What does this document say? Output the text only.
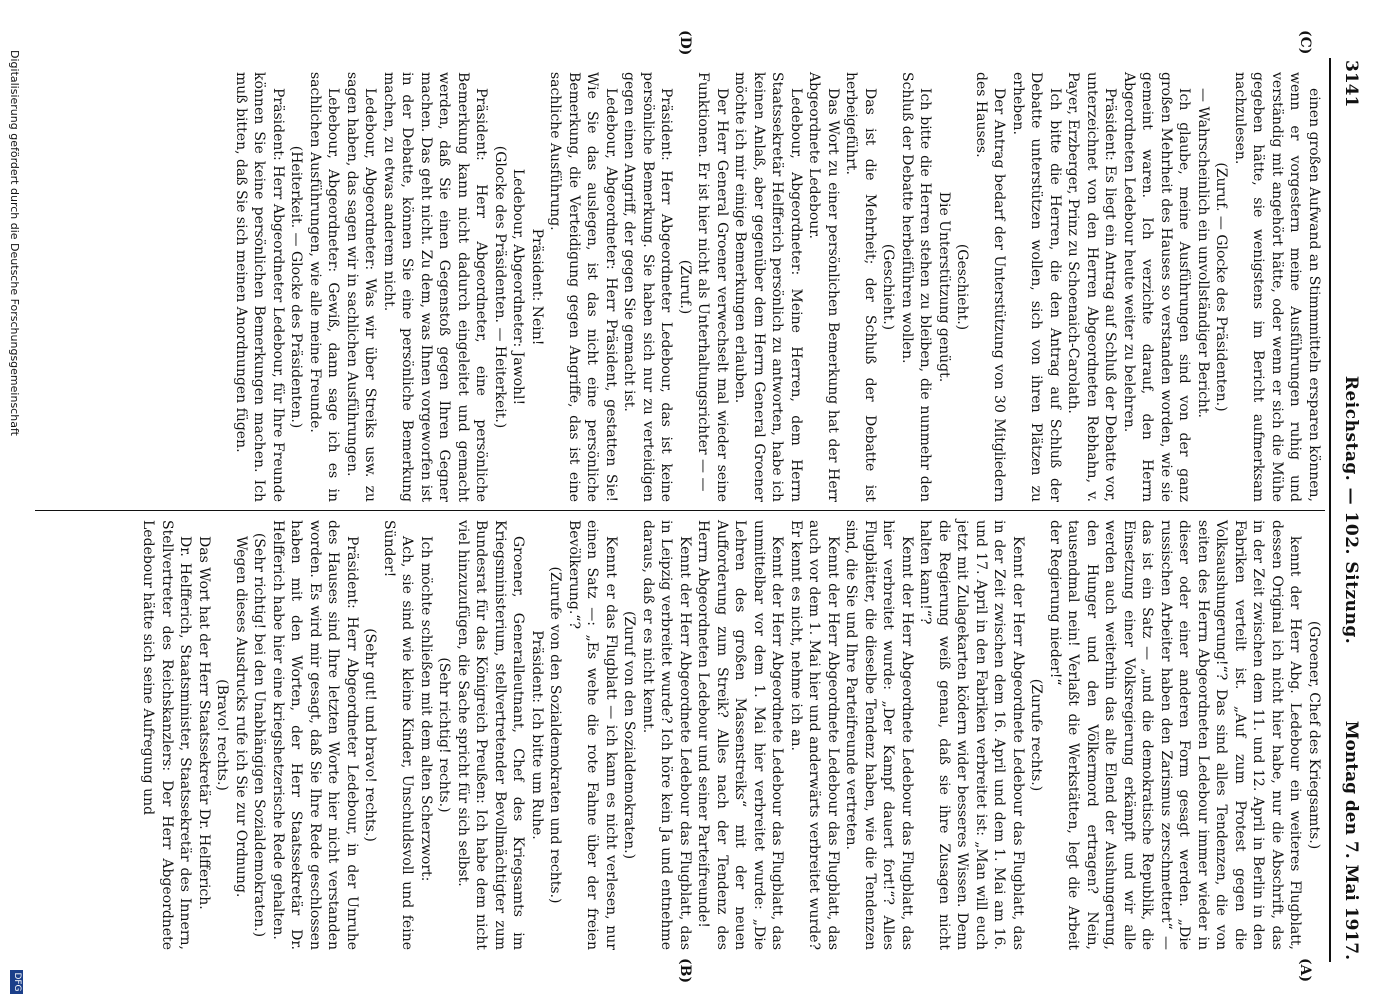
3141
Reichstag. — 102. Sitzung.
Montag den 7. Mai 1917.
(C)
(D)
(A)
(B)

einen großen Aufwand an Stimmmitteln ersparen können, wenn er vorgestern meine Ausführungen ruhig und verständig mit angehört hätte, oder wenn er sich die Mühe gegeben hätte, sie wenigstens im Bericht aufmerksam nachzulesen.

(Zuruf. — Glocke des Präsidenten.)

— Wahrscheinlich ein unvollständiger Bericht.

Ich glaube, meine Ausführungen sind von der ganz großen Mehrheit des Hauses so verstanden worden, wie sie gemeint waren. Ich verzichte darauf, den Herrn Abgeordneten Ledebour heute weiter zu belehren.

Präsident: Es liegt ein Antrag auf Schluß der Debatte vor, unterzeichnet von den Herren Abgeordneten Rebhahn, v. Payer, Erzberger, Prinz zu Schoenaich-Carolath.

Ich bitte die Herren, die den Antrag auf Schluß der Debatte unterstützen wollen, sich von ihren Plätzen zu erheben.

Der Antrag bedarf der Unterstützung von 30 Mitgliedern des Hauses.

(Geschieht.)

Die Unterstützung genügt.

Ich bitte die Herren stehen zu bleiben, die nunmehr den Schluß der Debatte herbeiführen wollen.

(Geschieht.)

Das ist die Mehrheit; der Schluß der Debatte ist herbeigeführt.

Das Wort zu einer persönlichen Bemerkung hat der Herr Abgeordnete Ledebour.

Ledebour, Abgeordneter: Meine Herren, dem Herrn Staatssekretär Helfferich persönlich zu antworten, habe ich keinen Anlaß, aber gegenüber dem Herrn General Groener möchte ich mir einige Bemerkungen erlauben.

Der Herr General Groener verwechselt mal wieder seine Funktionen. Er ist hier nicht als Unterhaltungsrichter — —

(Zuruf.)

Präsident: Herr Abgeordneter Ledebour, das ist keine persönliche Bemerkung. Sie haben sich nur zu verteidigen gegen einen Angriff, der gegen Sie gemacht ist.

Ledebour, Abgeordneter: Herr Präsident, gestatten Sie! Wie Sie das auslegen, ist das nicht eine persönliche Bemerkung, die Verteidigung gegen Angriffe, das ist eine sachliche Ausführung.

Präsident: Nein!

Ledebour, Abgeordneter: Jawohl!

(Glocke des Präsidenten. — Heiterkeit.)

Präsident: Herr Abgeordneter, eine persönliche Bemerkung kann nicht dadurch eingeleitet und gemacht werden, daß Sie einen Gegenstoß gegen Ihren Gegner machen. Das geht nicht. Zu dem, was Ihnen vorgeworfen ist in der Debatte, können Sie eine persönliche Bemerkung machen, zu etwas anderem nicht.

Ledebour, Abgeordneter: Was wir über Streiks usw. zu sagen haben, das sagen wir in sachlichen Ausführungen.

Lebebour, Abgeordneter: Gewiß, dann sage ich es in sachlichen Ausführungen, wie alle meine Freunde.

(Heiterkeit. — Glocke des Präsidenten.)

Präsident: Herr Abgeordneter Ledebour, für Ihre Freunde können Sie keine persönlichen Bemerkungen machen. Ich muß bitten, daß Sie sich meinen Anordnungen fügen.

(Groener, Chef des Kriegsamts.)

kennt der Herr Abg. Ledebour ein weiteres Flugblatt, dessen Original ich nicht hier habe, nur die Abschrift, das in der Zeit zwischen dem 11. und 12. April in Berlin in den Fabriken verteilt ist. „Auf zum Protest gegen die Volksaushungerung!“? Das sind alles Tendenzen, die von seiten des Herrn Abgeordneten Ledebour immer wieder in dieser oder einer anderen Form gesagt werden. „Die russischen Arbeiter haben den Zarismus zerschmettert“ — das ist ein Satz — „und die demokratische Republik, die Einsetzung einer Volksregierung erkämpft und wir alle werden auch weiterhin das alte Elend der Aushungerung, den Hunger und den Völkermord ertragen? Nein, tausendmal nein! Verlaßt die Werkstätten, legt die Arbeit der Regierung nieder!“

(Zurufe rechts.)

Kennt der Herr Abgeordnete Ledebour das Flugblatt, das in der Zeit zwischen dem 16. April und dem 1. Mai am 16. und 17. April in den Fabriken verbreitet ist: „Man will euch jetzt mit Zulagekarten ködern wider besseres Wissen. Denn die Regierung weiß genau, daß sie ihre Zusagen nicht halten kann!“?

Kennt der Herr Abgeordnete Ledebour das Flugblatt, das hier verbreitet wurde: „Der Kampf dauert fort!“? Alles Flugblätter, die dieselbe Tendenz haben, wie die Tendenzen sind, die Sie und Ihre Parteifreunde vertreten.

Kennt der Herr Abgeordnete Ledebour das Flugblatt, das auch vor dem 1. Mai hier und anderwärts verbreitet wurde? Er kennt es nicht, nehme ich an.

Kennt der Herr Abgeordnete Ledebour das Flugblatt, das unmittelbar vor dem 1. Mai hier verbreitet wurde: „Die Lehren des großen Massenstreiks“ mit der neuen Aufforderung zum Streik? Alles nach der Tendenz des Herrn Abgeordneten Ledebour und seiner Parteifreunde!

Kennt der Herr Abgeordnete Ledebour das Flugblatt, das in Leipzig verbreitet wurde? Ich höre kein Ja und entnehme daraus, daß er es nicht kennt.

(Zuruf von den Sozialdemokraten.)

Kennt er das Flugblatt — ich kann es nicht verlesen, nur einen Satz —: „Es wehe die rote Fahne über der freien Bevölkerung.“?

(Zurufe von den Sozialdemokraten und rechts.)

Präsident: Ich bitte um Ruhe.

Groener, Generalleutnant, Chef des Kriegsamts im Kriegsministerium, stellvertretender Bevollmächtigter zum Bundesrat für das Königreich Preußen: Ich habe dem nicht viel hinzuzufügen, die Sache spricht für sich selbst.

(Sehr richtig! rechts.)

Ich möchte schließen mit dem alten Scherzwort:

Ach, sie sind wie kleine Kinder, Unschuldsvoll und feine Sünder!

(Sehr gut! und bravo! rechts.)

Präsident: Herr Abgeordneter Ledebour, in der Unruhe des Hauses sind Ihre letzten Worte hier nicht verstanden worden. Es wird mir gesagt, daß Sie Ihre Rede geschlossen haben mit den Worten, der Herr Staatssekretär Dr. Helfferich habe hier eine kriegshetzerische Rede gehalten.

(Sehr richtig! bei den Unabhängigen Sozialdemokraten.)

Wegen dieses Ausdrucks rufe ich Sie zur Ordnung.

(Bravo! rechts.)

Das Wort hat der Herr Staatssekretär Dr. Helfferich.

Dr. Helfferich, Staatsminister, Staatssekretär des Innern, Stellvertreter des Reichskanzlers: Der Herr Abgeordnete Ledebour hätte sich seine Aufregung und

Digitalisierung gefördert durch die Deutsche Forschungsgemeinschaft
DFG
